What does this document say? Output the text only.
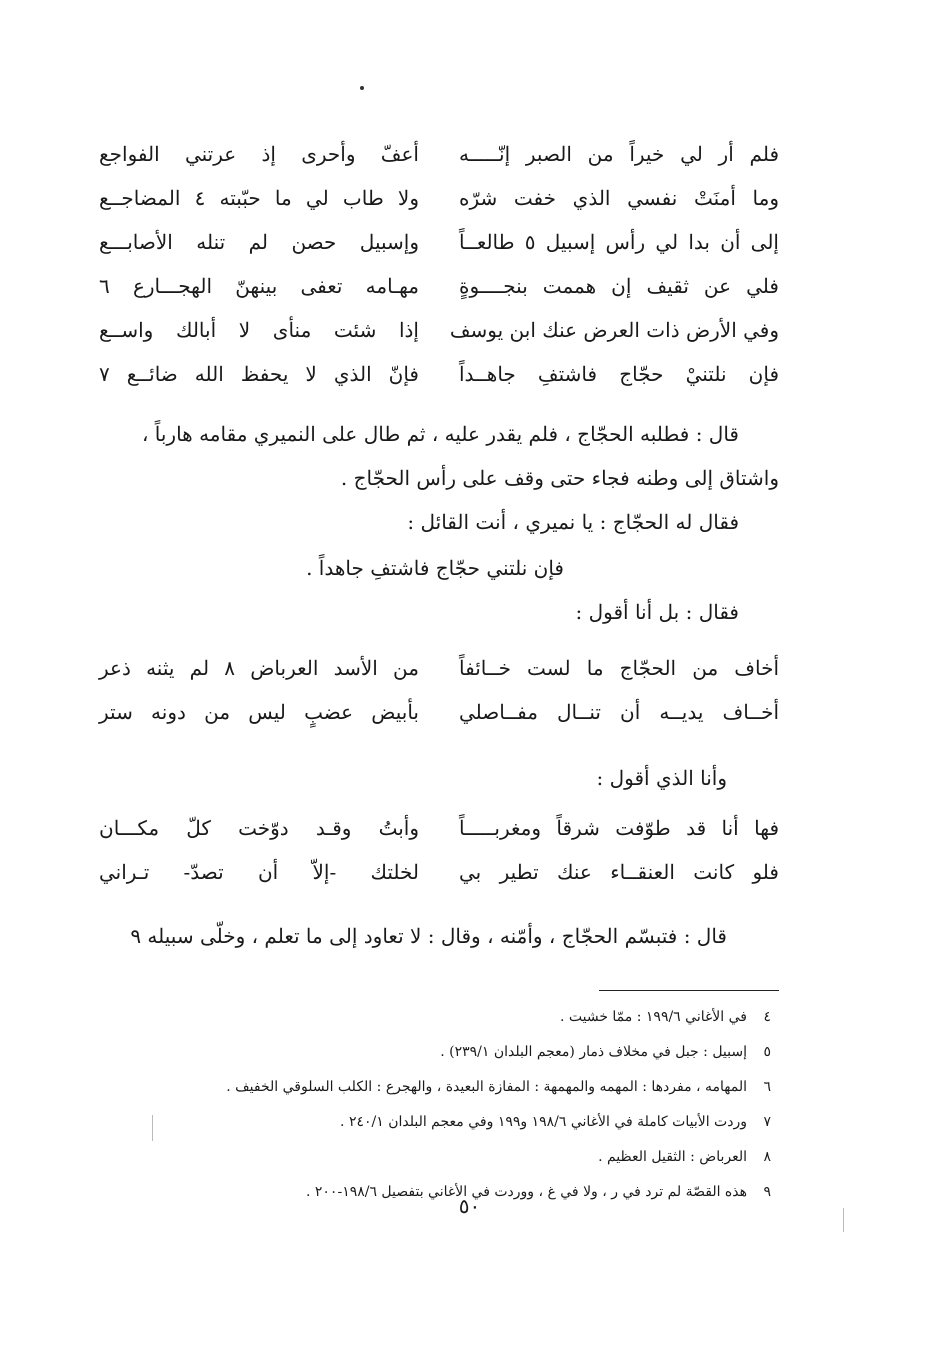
فلم أر لي خيراً من الصبر إنّـــــه
أعفّ وأحرى إذ عرتني الفواجع
وما أمنَتْ نفسي الذي خفت شرّه
ولا طاب لي ما حبّبته ٤ المضاجــع
إلى أن بدا لي رأس إسبيل ٥ طالعــاً
وإسبيل حصن لم تنله الأصابـــع
فلي عن ثقيف إن هممت بنجــــوةٍ
مهـامه تعفى بينهنّ الهجـــارع ٦
وفي الأرض ذات العرض عنك ابن يوسف
إذا شئت منأى لا أبالك واســع
فإن نلتنيْ حجّاج فاشتفِ جاهــداً
فإنّ الذي لا يحفظ الله ضائــع ٧
قال : فطلبه الحجّاج ، فلم يقدر عليه ، ثم طال على النميري مقامه هارباً ،
واشتاق إلى وطنه فجاء حتى وقف على رأس الحجّاج .
فقال له الحجّاج : يا نميري ، أنت القائل :
فإن نلتني حجّاج فاشتفِ جاهداً .
فقال : بل أنا أقول :
أخاف من الحجّاج ما لست خــائفاً
من الأسد العرباض ٨ لم يثنه ذعر
أخــاف يديــه أن تنــال مفــاصلي
بأبيض عضبٍ ليس من دونه ستر
وأنا الذي أقول :
فها أنا قد طوّفت شرقاً ومغربـــــاً
وأبتُ وقـد دوّخت كلّ مكـــان
فلو كانت العنقــاء عنك تطير بي
لخلتك -إلاّ أن تصدّ- تـراني
قال : فتبسّم الحجّاج ، وأمّنه ، وقال : لا تعاود إلى ما تعلم ، وخلّى سبيله ٩
٤في الأغاني ١٩٩/٦ : ممّا خشيت .
٥إسبيل : جبل في مخلاف ذمار (معجم البلدان ٢٣٩/١) .
٦المهامه ، مفردها : المهمه والمهمهة : المفازة البعيدة ، والهجرع : الكلب السلوقي الخفيف .
٧وردت الأبيات كاملة في الأغاني ١٩٨/٦ و١٩٩ وفي معجم البلدان ٢٤٠/١ .
٨العرباض : الثقيل العظيم .
٩هذه القصّة لم ترد في ر ، ولا في غ ، ووردت في الأغاني بتفصيل ١٩٨/٦-٢٠٠ .
٥٠
